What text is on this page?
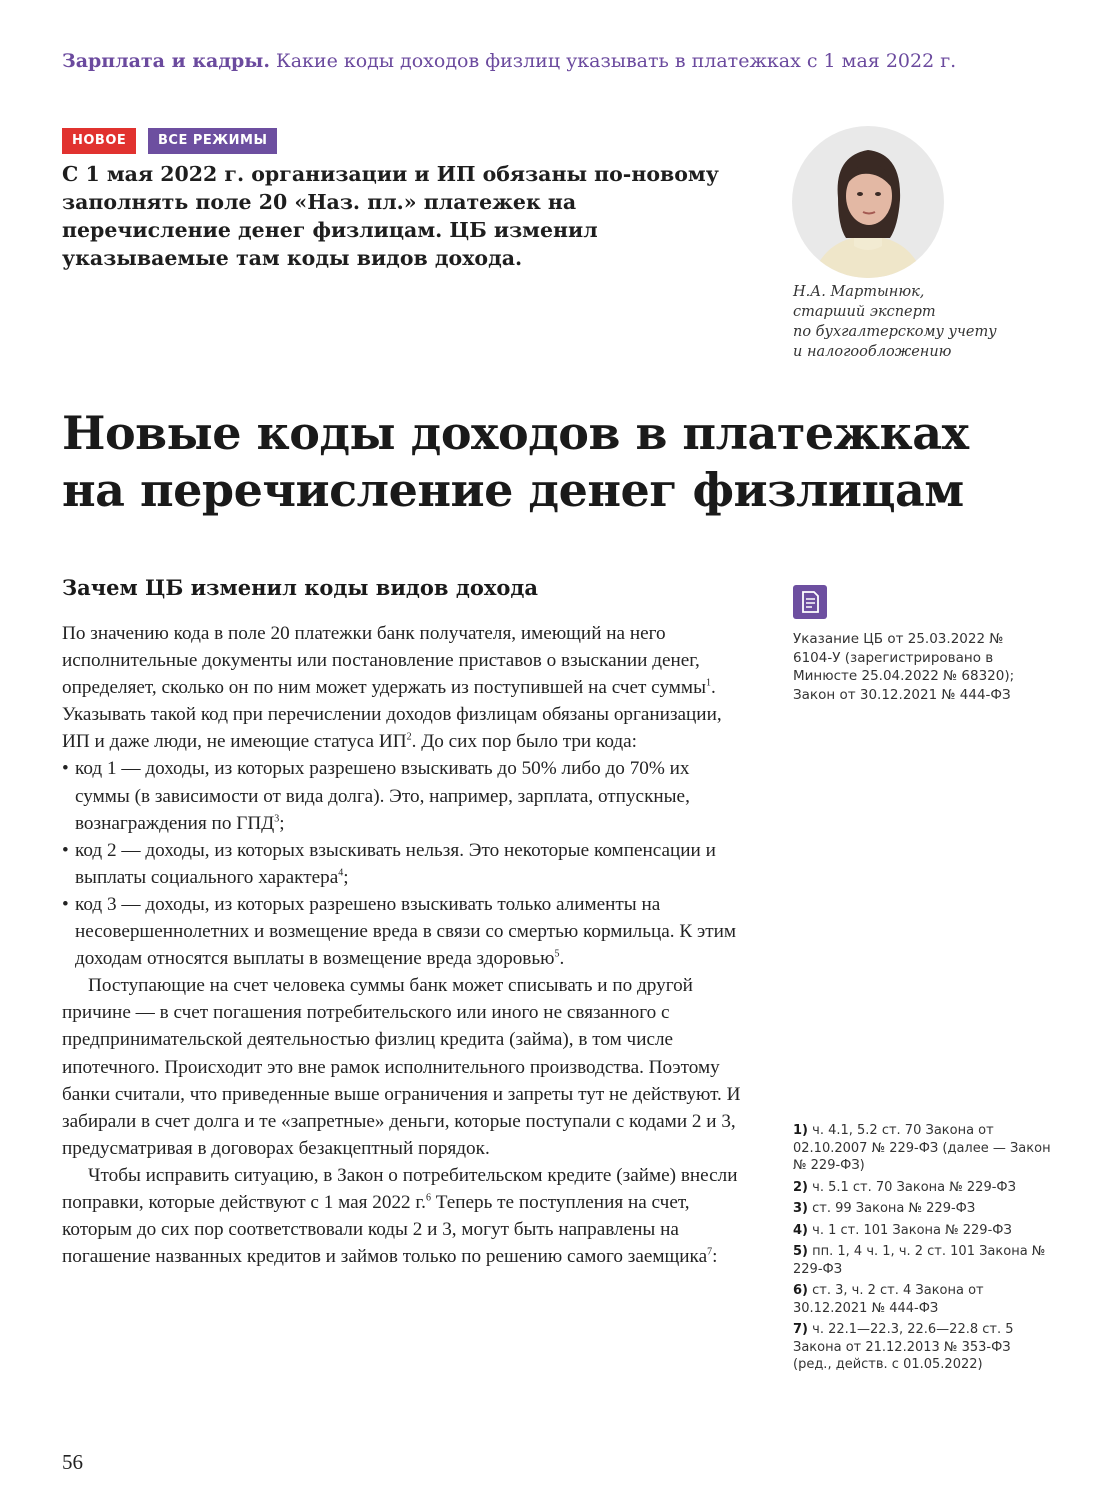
Зарплата и кадры. Какие коды доходов физлиц указывать в платежках с 1 мая 2022 г.
НОВОЕ	ВСЕ РЕЖИМЫ
С 1 мая 2022 г. организации и ИП обязаны по-новому заполнять поле 20 «Наз. пл.» платежек на перечисление денег физлицам. ЦБ изменил указываемые там коды видов дохода.
Н.А. Мартынюк,
старший эксперт
по бухгалтерскому учету
и налогообложению
Новые коды доходов в платежках
на перечисление денег физлицам
Зачем ЦБ изменил коды видов дохода

По значению кода в поле 20 платежки банк получателя, имеющий на него исполнительные документы или постановление приставов о взыскании денег, определяет, сколько он по ним может удержать из поступившей на счет суммы$^1$. Указывать такой код при перечислении доходов физлицам обязаны организации, ИП и даже люди, не имеющие статуса $ИП^2$. До сих пор было три кода:

• код 1 — доходы, из которых разрешено взыскивать до 50% либо до 70% их суммы (в зависимости от вида долга). Это, например, зарплата, отпускные, вознаграждения по ГПД$^3$;
• код 2 — доходы, из которых взыскивать нельзя. Это некоторые компенсации и выплаты социального характера$^4$;
• код 3 — доходы, из которых разрешено взыскивать только алименты на несовершеннолетних и возмещение вреда в связи со смертью кормильца. К этим доходам относятся выплаты в возмещение вреда здоровью$^5$.

Поступающие на счет человека суммы банк может списывать и по другой причине — в счет погашения потребительского или иного не связанного с предпринимательской деятельностью физлиц кредита (займа), в том числе ипотечного. Происходит это вне рамок исполнительного производства. Поэтому банки считали, что приведенные выше ограничения и запреты тут не действуют. И забирали в счет долга и те «запретные» деньги, которые поступали с кодами 2 и 3, предусматривая в договорах безакцептный порядок.

Чтобы исправить ситуацию, в Закон о потребительском кредите (займе) внесли поправки, которые действуют с 1 мая 2022 г.$^6$ Теперь те поступления на счет, которым до сих пор соответствовали коды 2 и 3, могут быть направлены на погашение названных кредитов и займов только по решению самого заемщика$^7$:

Указание ЦБ от 25.03.2022 № 6104-У (зарегистрировано в Минюсте 25.04.2022 № 68320); Закон от 30.12.2021 № 444-ФЗ
1) ч. 4.1, 5.2 ст. 70 Закона от 02.10.2007 № 229-ФЗ (далее — Закон № 229-ФЗ)
2) ч. 5.1 ст. 70 Закона № 229-ФЗ
3) ст. 99 Закона № 229-ФЗ
4) ч. 1 ст. 101 Закона № 229-ФЗ
5) пп. 1, 4 ч. 1, ч. 2 ст. 101 Закона № 229-ФЗ
6) ст. 3, ч. 2 ст. 4 Закона от 30.12.2021 № 444-ФЗ
7) ч. 22.1—22.3, 22.6—22.8 ст. 5 Закона от 21.12.2013 № 353-ФЗ (ред., действ. с 01.05.2022)
56
